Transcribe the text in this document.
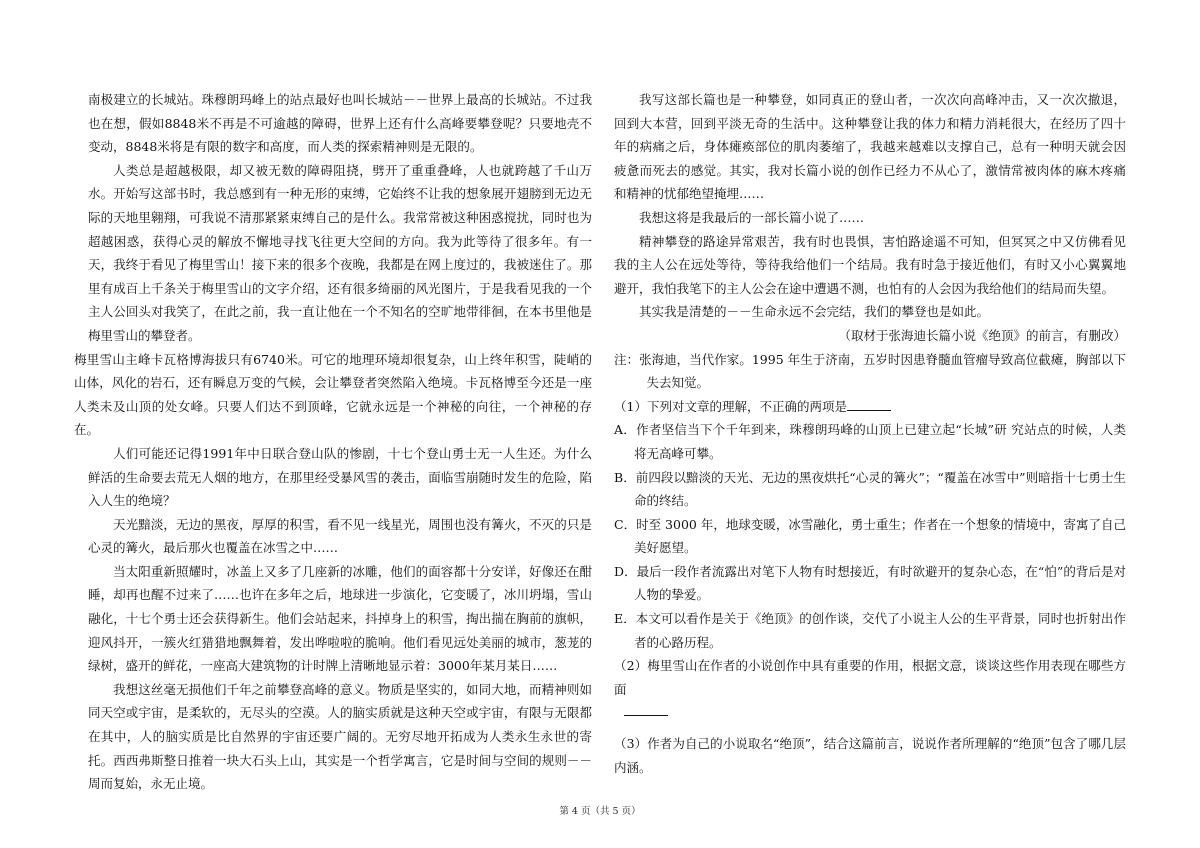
南极建立的长城站。珠穆朗玛峰上的站点最好也叫长城站－－世界上最高的长城站。不过我也在想，假如8848米不再是不可逾越的障碍，世界上还有什么高峰要攀登呢？只要地壳不变动，8848米将是有限的数字和高度，而人类的探索精神则是无限的。

人类总是超越极限，却又被无数的障碍阻挠，劈开了重重叠峰，人也就跨越了千山万水。开始写这部书时，我总感到有一种无形的束缚，它始终不让我的想象展开翅膀到无边无际的天地里翱翔，可我说不清那紧紧束缚自己的是什么。我常常被这种困惑搅扰，同时也为超越困惑，获得心灵的解放不懈地寻找飞往更大空间的方向。我为此等待了很多年。有一天，我终于看见了梅里雪山！接下来的很多个夜晚，我都是在网上度过的，我被迷住了。那里有成百上千条关于梅里雪山的文字介绍，还有很多绮丽的风光图片，于是我看见我的一个主人公回头对我笑了，在此之前，我一直让他在一个不知名的空旷地带徘徊，在本书里他是梅里雪山的攀登者。

梅里雪山主峰卡瓦格博海拔只有6740米。可它的地理环境却很复杂，山上终年积雪，陡峭的山体，风化的岩石，还有瞬息万变的气候，会让攀登者突然陷入绝境。卡瓦格博至今还是一座人类未及山顶的处女峰。只要人们达不到顶峰，它就永远是一个神秘的向往，一个神秘的存在。

人们可能还记得1991年中日联合登山队的惨剧，十七个登山勇士无一人生还。为什么鲜活的生命要去荒无人烟的地方，在那里经受暴风雪的袭击，面临雪崩随时发生的危险，陷入人生的绝境？

天光黯淡，无边的黑夜，厚厚的积雪，看不见一线星光，周围也没有篝火，不灭的只是心灵的篝火，最后那火也覆盖在冰雪之中……

当太阳重新照耀时，冰盖上又多了几座新的冰雕，他们的面容都十分安详，好像还在酣睡，却再也醒不过来了……也许在多年之后，地球进一步演化，它变暖了，冰川坍塌，雪山融化，十七个勇士还会获得新生。他们会站起来，抖掉身上的积雪，掏出揣在胸前的旗帜，迎风抖开，一簇火红猎猎地飘舞着，发出哗啦啦的脆响。他们看见远处美丽的城市，葱茏的绿树，盛开的鲜花，一座高大建筑物的计时牌上清晰地显示着：3000年某月某日……

我想这丝毫无损他们千年之前攀登高峰的意义。物质是坚实的，如同大地，而精神则如同天空或宇宙，是柔软的，无尽头的空漠。人的脑实质就是这种天空或宇宙，有限与无限都在其中，人的脑实质是比自然界的宇宙还要广阔的。无穷尽地开拓成为人类永生永世的寄托。西西弗斯整日推着一块大石头上山，其实是一个哲学寓言，它是时间与空间的规则－－周而复始，永无止境。

我写这部长篇也是一种攀登，如同真正的登山者，一次次向高峰冲击，又一次次撤退，回到大本营，回到平淡无奇的生活中。这种攀登让我的体力和精力消耗很大，在经历了四十年的病痛之后，身体瘫痪部位的肌肉萎缩了，我越来越难以支撑自己，总有一种明天就会因疲惫而死去的感觉。其实，我对长篇小说的创作已经力不从心了，激情常被肉体的麻木疼痛和精神的忧郁绝望掩埋……

我想这将是我最后的一部长篇小说了……

精神攀登的路途异常艰苦，我有时也畏惧，害怕路途遥不可知，但冥冥之中又仿佛看见我的主人公在远处等待，等待我给他们一个结局。我有时急于接近他们，有时又小心翼翼地避开，我怕我笔下的主人公会在途中遭遇不测，也怕有的人会因为我给他们的结局而失望。

其实我是清楚的－－生命永远不会完结，我们的攀登也是如此。

（取材于张海迪长篇小说《绝顶》的前言，有删改）

注：张海迪，当代作家。1995 年生于济南，五岁时因患脊髓血管瘤导致高位截瘫，胸部以下失去知觉。

（1）下列对文章的理解，不正确的两项是

A．作者坚信当下个千年到来，珠穆朗玛峰的山顶上已建立起“长城”研 究站点的时候，人类将无高峰可攀。

B．前四段以黯淡的天光、无边的黑夜烘托“心灵的篝火”；“覆盖在冰雪中”则暗指十七勇士生命的终结。

C．时至 3000 年，地球变暖，冰雪融化，勇士重生；作者在一个想象的情境中，寄寓了自己美好愿望。

D．最后一段作者流露出对笔下人物有时想接近，有时欲避开的复杂心态，在“怕”的背后是对人物的挚爱。

E．本文可以看作是关于《绝顶》的创作谈，交代了小说主人公的生平背景，同时也折射出作者的心路历程。

（2）梅里雪山在作者的小说创作中具有重要的作用，根据文意，谈谈这些作用表现在哪些方面

（3）作者为自己的小说取名“绝顶”，结合这篇前言，说说作者所理解的“绝顶”包含了哪几层内涵。

第 4 页（共 5 页）
